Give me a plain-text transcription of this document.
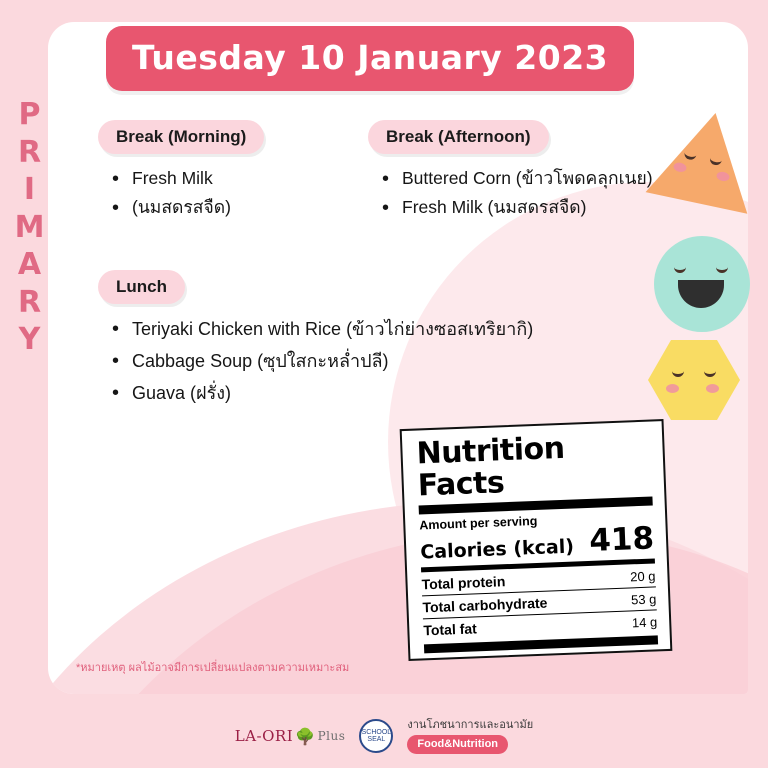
P
R
I
M
A
R
Y
Tuesday 10 January 2023
Break (Morning)
• Fresh Milk
• (นมสดรสจืด)
Break (Afternoon)
• Buttered Corn (ข้าวโพดคลุกเนย)
• Fresh Milk (นมสดรสจืด)
Lunch
• Teriyaki Chicken with Rice (ข้าวไก่ย่างซอสเทริยากิ)
• Cabbage Soup (ซุปใสกะหล่ำปลี)
• Guava (ฝรั่ง)
Nutrition Facts
Amount per serving
Calories (kcal) 418
Total protein	20 g
Total carbohydrate	53 g
Total fat	14 g
*หมายเหตุ ผลไม้อาจมีการเปลี่ยนแปลงตามความเหมาะสม
LA-ORI 🌳 Plus SCHOOL SEAL
งานโภชนาการและอนามัย
Food&Nutrition
